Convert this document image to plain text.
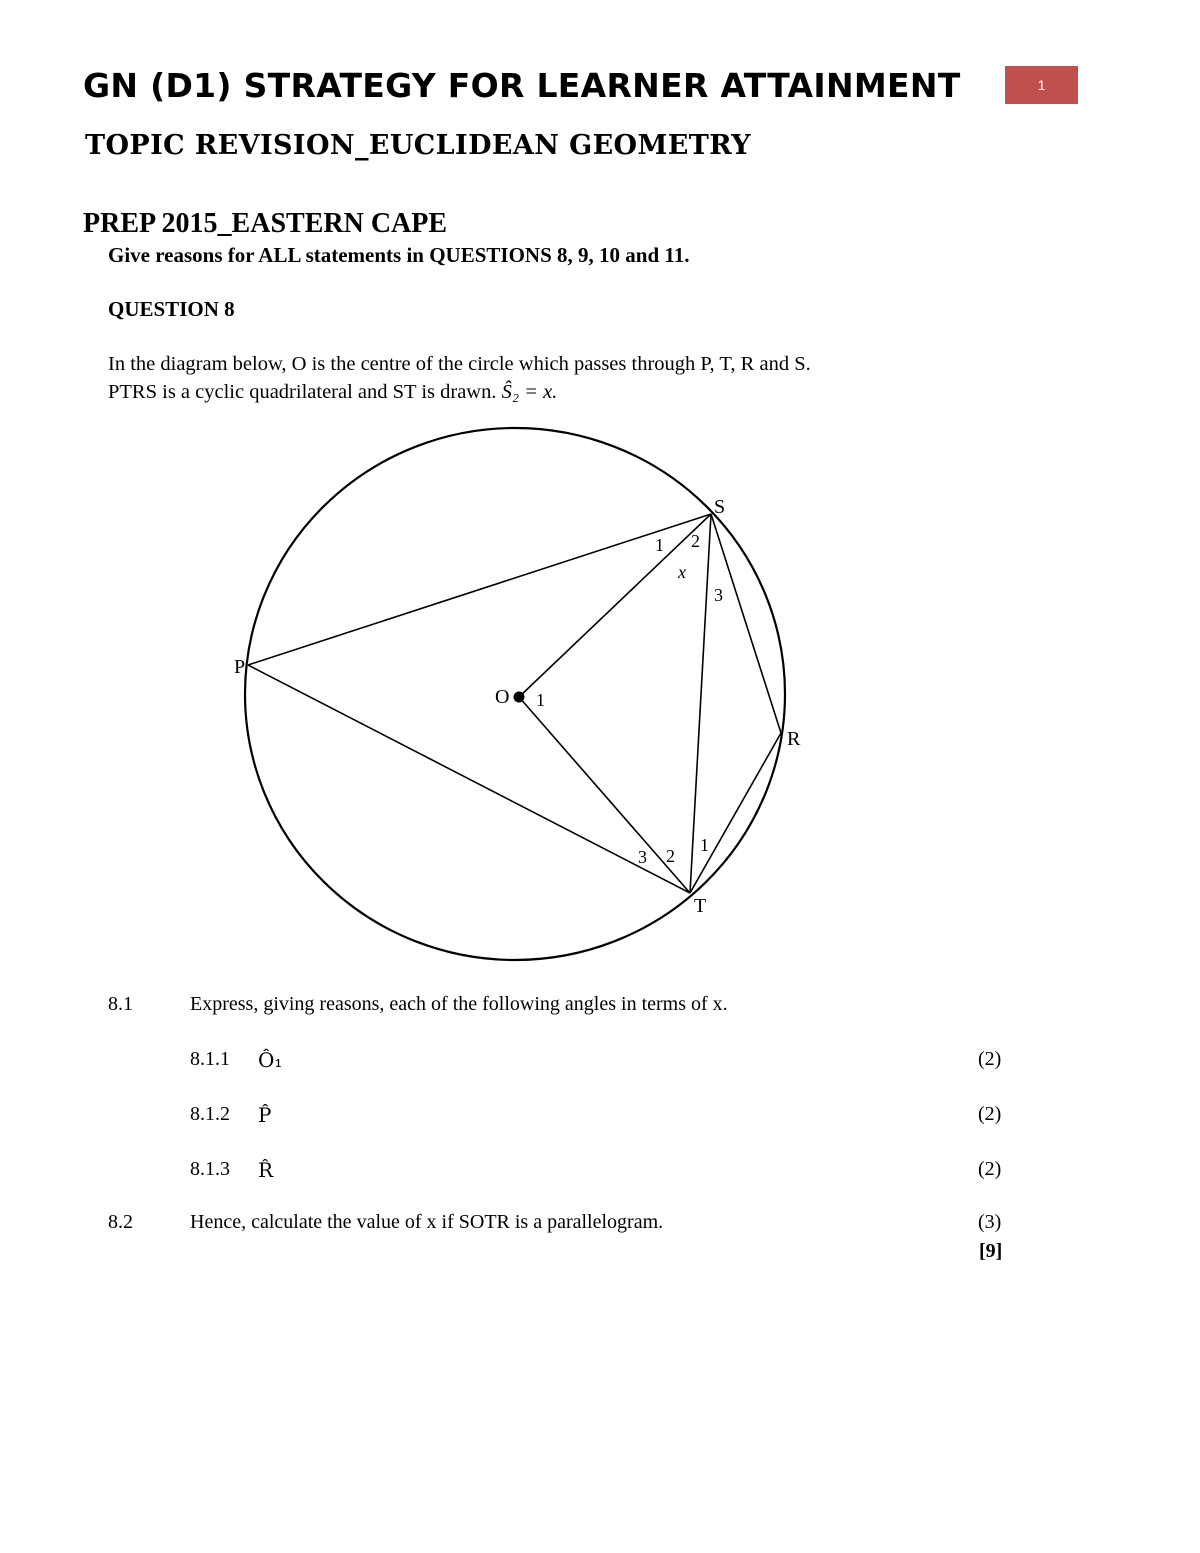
GN (D1) STRATEGY FOR LEARNER ATTAINMENT	1
TOPIC REVISION_EUCLIDEAN GEOMETRY
PREP 2015_EASTERN CAPE
Give reasons for ALL statements in QUESTIONS 8, 9, 10 and 11.
QUESTION 8
In the diagram below, O is the centre of the circle which passes through P, T, R and S.
PTRS is a cyclic quadrilateral and ST is drawn. Ŝ₂ = x.
P
S
R
T
O
1 2
x
3
1
3 2
1
8.1	Express, giving reasons, each of the following angles in terms of x.
8.1.1 Ô₁	(2)
8.1.2 P̂	(2)
8.1.3 R̂	(2)
8.2	Hence, calculate the value of x if SOTR is a parallelogram.	(3)
[9]
